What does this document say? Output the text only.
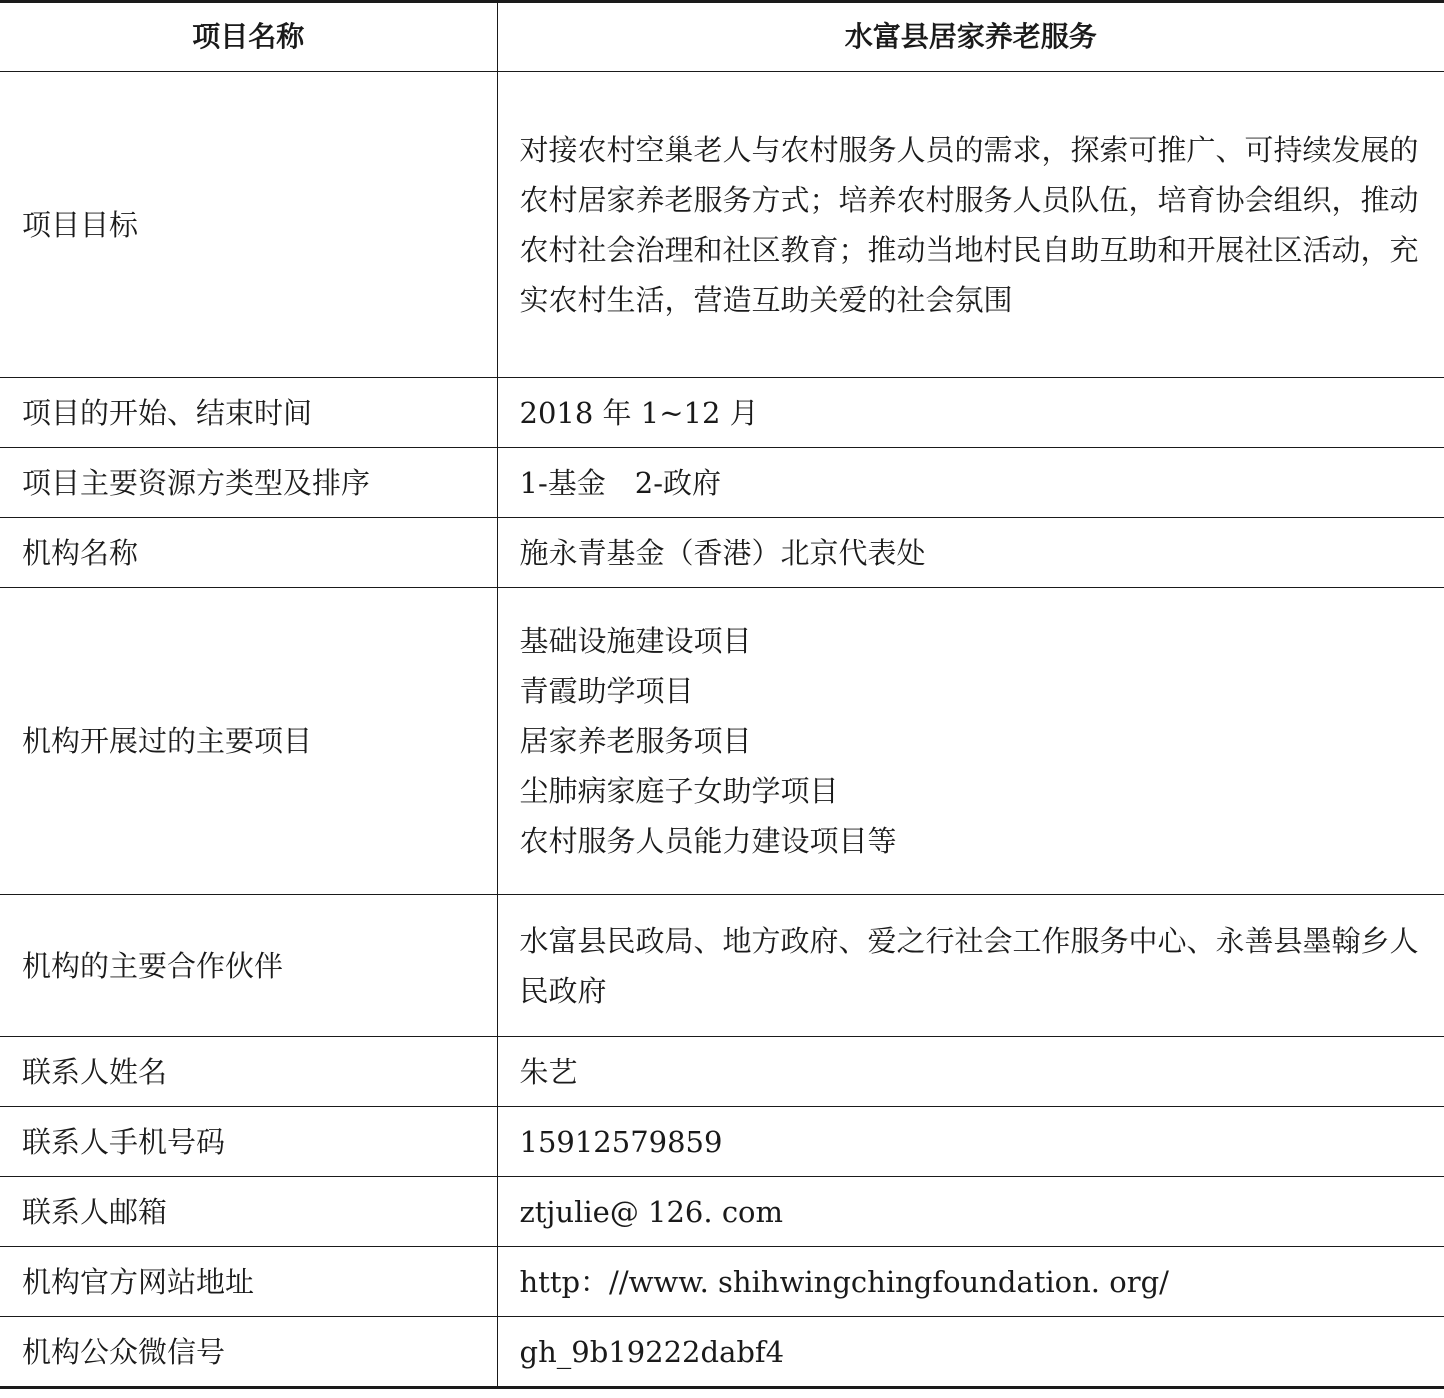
项目名称	水富县居家养老服务
项目目标	对接农村空巢老人与农村服务人员的需求，探索可推广、可持续发展的农村居家养老服务方式；培养农村服务人员队伍，培育协会组织，推动农村社会治理和社区教育；推动当地村民自助互助和开展社区活动，充实农村生活，营造互助关爱的社会氛围
项目的开始、结束时间	2018 年 1~12 月
项目主要资源方类型及排序	1-基金　2-政府
机构名称	施永青基金（香港）北京代表处
机构开展过的主要项目	基础设施建设项目
青霞助学项目
居家养老服务项目
尘肺病家庭子女助学项目
农村服务人员能力建设项目等

机构的主要合作伙伴	水富县民政局、地方政府、爱之行社会工作服务中心、永善县墨翰乡人民政府
联系人姓名	朱艺
联系人手机号码	15912579859
联系人邮箱	ztjulie@ 126. com
机构官方网站地址	http：//www. shihwingchingfoundation. org/
机构公众微信号	gh_9b19222dabf4
